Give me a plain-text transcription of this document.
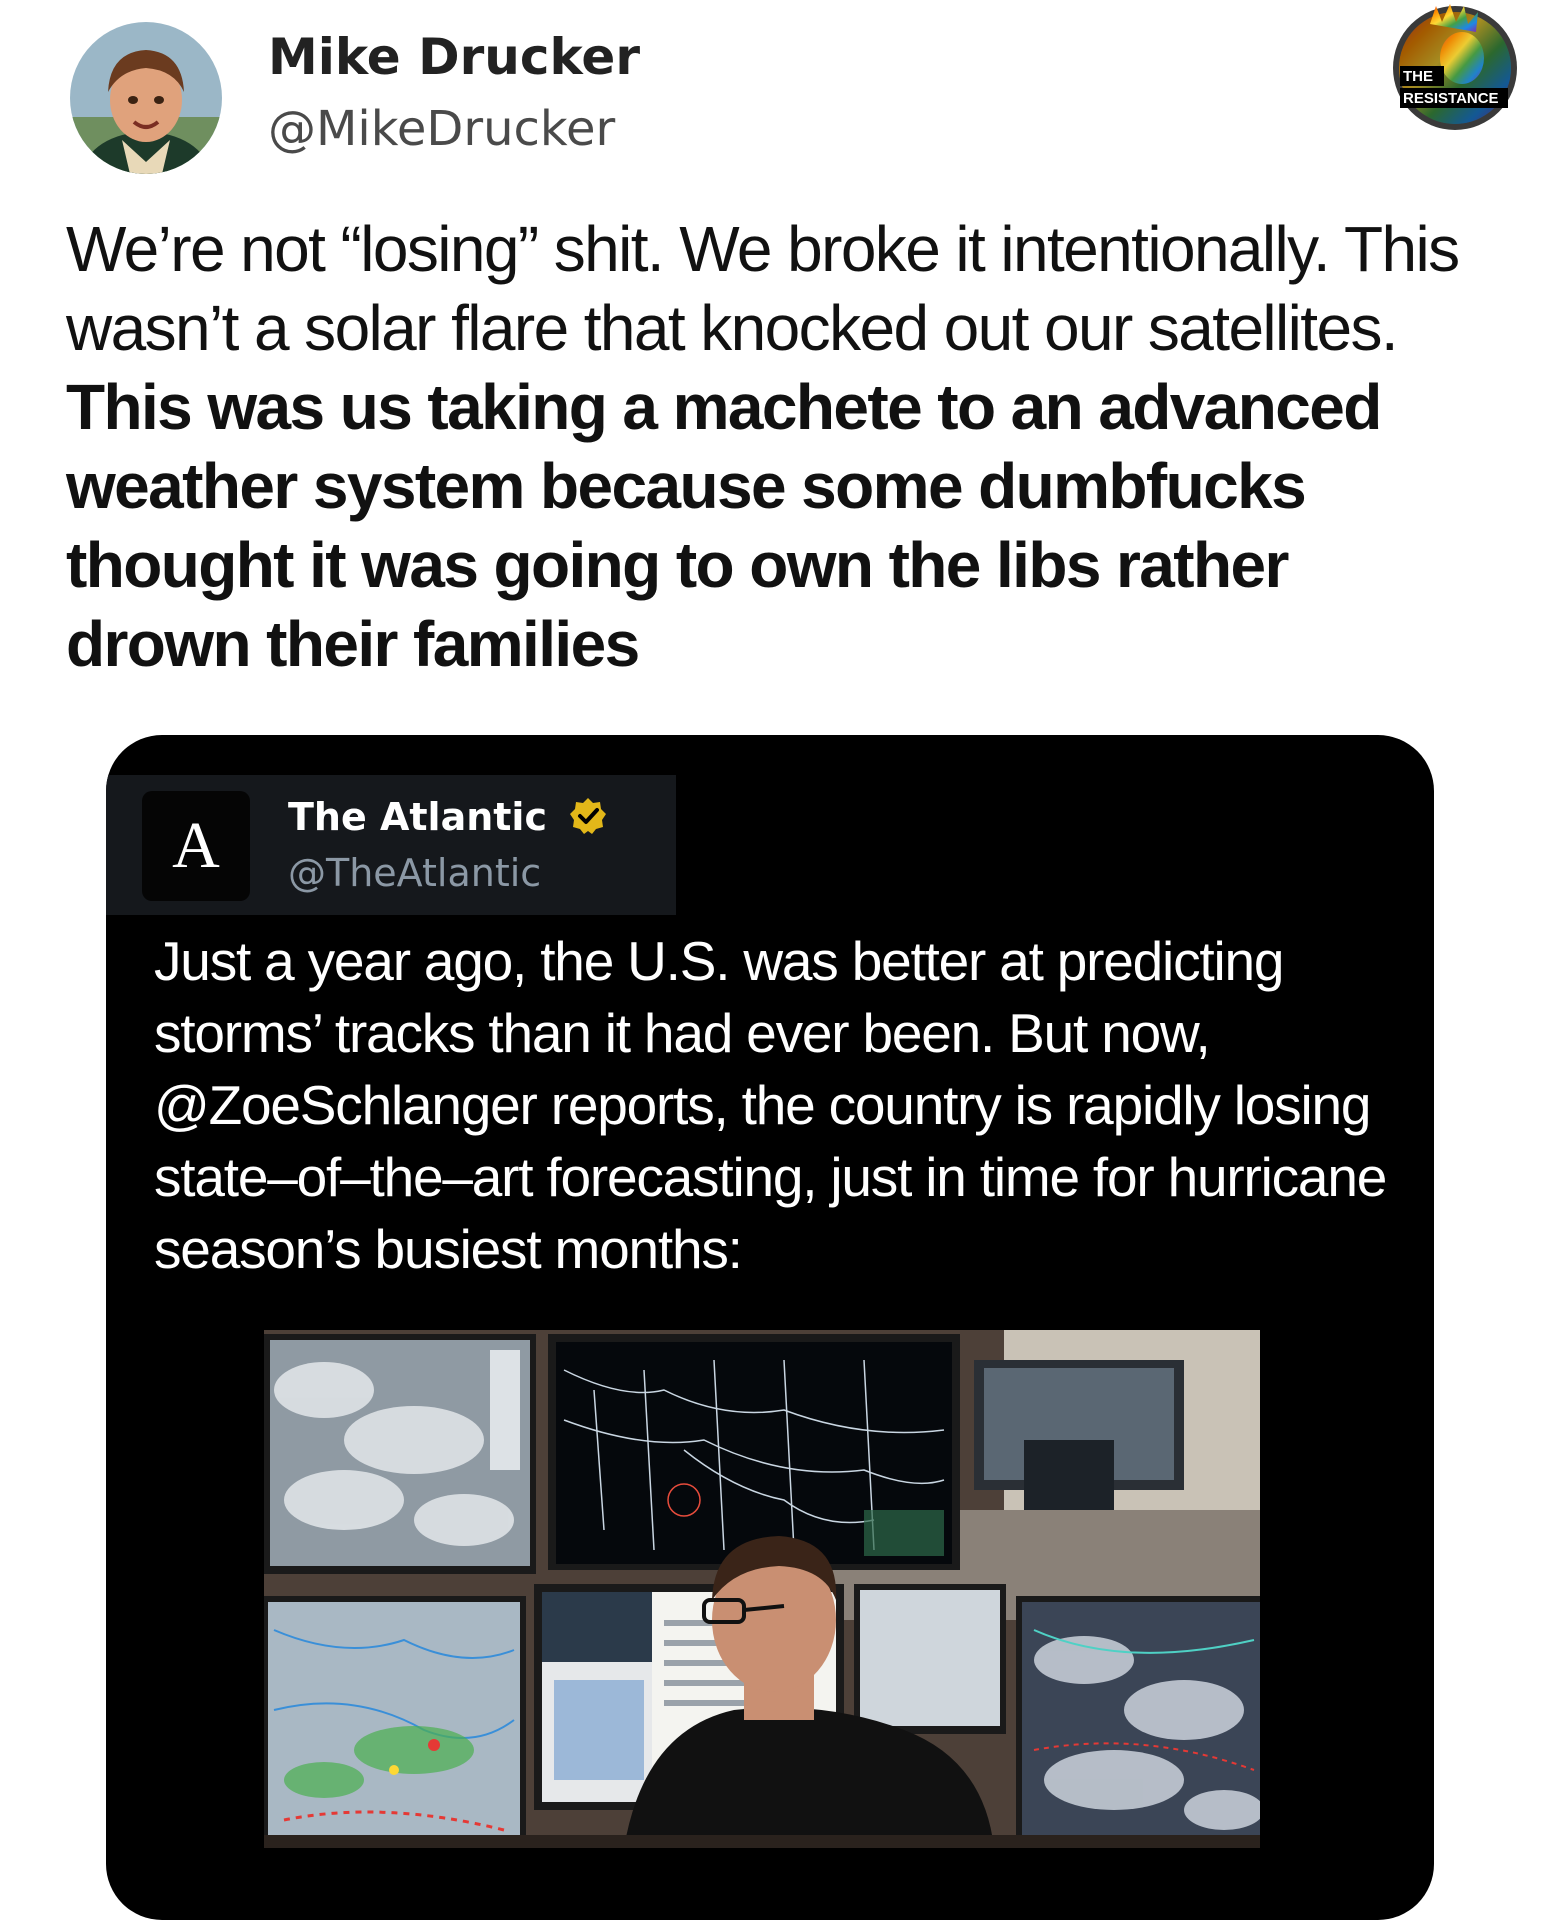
Mike Drucker
@MikeDrucker
THE
RESISTANCE
We’re not “losing” shit. We broke it intentionally. This wasn’t a solar flare that knocked out our satellites. This was us taking a machete to an advanced weather system because some dumbfucks thought it was going to own the libs rather drown their families
A	The Atlantic
@TheAtlantic
Just a year ago, the U.S. was better at predicting storms’ tracks than it had ever been. But now, @ZoeSchlanger reports, the country is rapidly losing state–of–the–art forecasting, just in time for hurricane season’s busiest months:
